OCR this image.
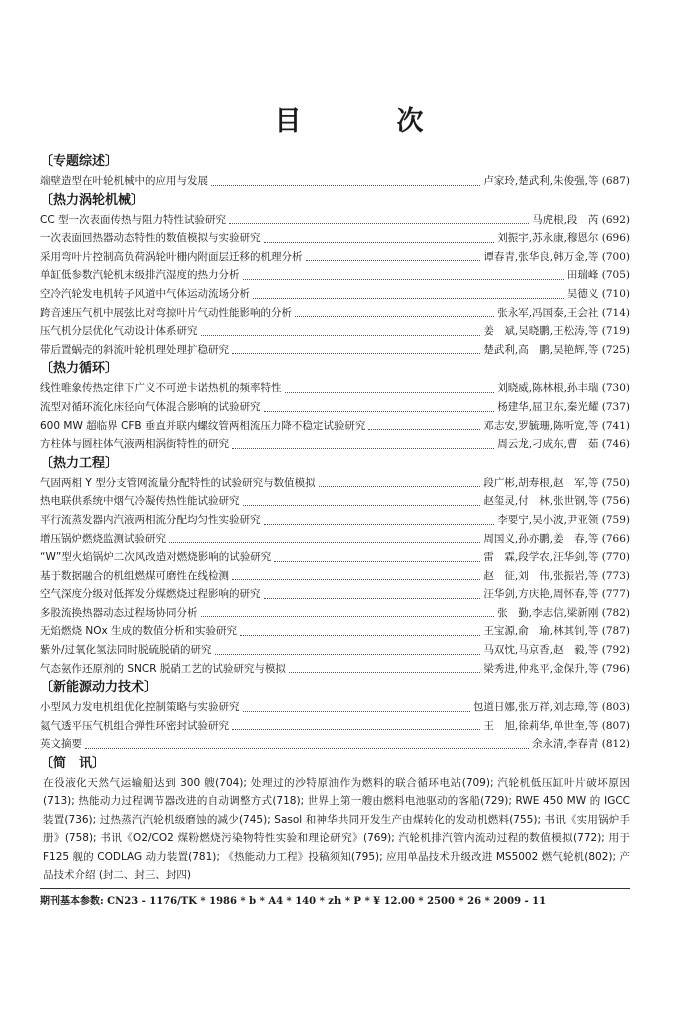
目　次
〔专题综述〕
端壁造型在叶轮机械中的应用与发展	卢家玲,楚武利,朱俊强,等 (687)
〔热力涡轮机械〕
CC 型一次表面传热与阻力特性试验研究	马虎根,段　芮 (692)
一次表面回热器动态特性的数值模拟与实验研究	刘振宇,苏永康,穆恩尔 (696)
采用弯叶片控制高负荷涡轮叶栅内附面层迁移的机理分析	谭春青,张华良,韩万金,等 (700)
单缸低参数汽轮机末级排汽湿度的热力分析	田瑞峰 (705)
空冷汽轮发电机转子风道中气体运动流场分析	吴德义 (710)
跨音速压气机中展弦比对弯掠叶片气动性能影响的分析	张永军,冯国泰,王会社 (714)
压气机分层优化气动设计体系研究	姜　斌,吴晓鹏,王松涛,等 (719)
带后置蜗壳的斜流叶轮机理处理扩稳研究	楚武利,高　鹏,吴艳辉,等 (725)
〔热力循环〕
线性唯象传热定律下广义不可逆卡诺热机的频率特性	刘晓威,陈林根,孙丰瑞 (730)
流型对循环流化床径向气体混合影响的试验研究	杨建华,屈卫东,秦光耀 (737)
600 MW 超临界 CFB 垂直并联内螺纹管两相流压力降不稳定试验研究	邓志安,罗毓珊,陈听宽,等 (741)
方柱体与圆柱体气液两相涡街特性的研究	周云龙,刁成东,曹　茹 (746)
〔热力工程〕
气固两相 Y 型分支管网流量分配特性的试验研究与数值模拟	段广彬,胡寿根,赵　军,等 (750)
热电联供系统中烟气冷凝传热性能试验研究	赵玺灵,付　林,张世钢,等 (756)
平行流蒸发器内汽液两相流分配均匀性实验研究	李要宁,吴小波,尹亚领 (759)
增压锅炉燃烧监测试验研究	周国义,孙亦鹏,姜　春,等 (766)
“W”型火焰锅炉二次风改造对燃烧影响的试验研究	雷　霖,段学农,汪华剑,等 (770)
基于数据融合的机组燃煤可磨性在线检测	赵　征,刘　伟,张振岩,等 (773)
空气深度分级对低挥发分煤燃烧过程影响的研究	汪华剑,方庆艳,周怀春,等 (777)
多股流换热器动态过程场协同分析	张　勤,李志信,梁新刚 (782)
无焰燃烧 NOx 生成的数值分析和实验研究	王宝源,俞　瑜,林其钊,等 (787)
紫外/过氧化氢法同时脱硫脱硝的研究	马双忱,马京香,赵　毅,等 (792)
气态氨作还原剂的 SNCR 脱硝工艺的试验研究与模拟	梁秀进,仲兆平,金保升,等 (796)
〔新能源动力技术〕
小型风力发电机组优化控制策略与实验研究	包道日娜,张万祥,刘志璋,等 (803)
氦气透平压气机组合弹性环密封试验研究	王　旭,徐莉华,单世奎,等 (807)
英文摘要	余永清,李春青 (812)
〔简　讯〕
在役液化天然气运输船达到 300 艘(704); 处理过的沙特原油作为燃料的联合循环电站(709); 汽轮机低压缸叶片破坏原因(713); 热能动力过程调节器改进的自动调整方式(718); 世界上第一艘由燃料电池驱动的客船(729); RWE 450 MW 的 IGCC 装置(736); 过热蒸汽汽轮机级磨蚀的减少(745); Sasol 和神华共同开发生产由煤转化的发动机燃料(755); 书讯《实用锅炉手册》(758); 书讯《O2/CO2 煤粉燃烧污染物特性实验和理论研究》(769); 汽轮机排汽管内流动过程的数值模拟(772); 用于 F125 舰的 CODLAG 动力装置(781); 《热能动力工程》投稿须知(795); 应用单晶技术升级改进 MS5002 燃气轮机(802); 产品技术介绍 (封二、封三、封四)
期刊基本参数: CN23 - 1176/TK * 1986 * b * A4 * 140 * zh * P * ¥ 12.00 * 2500 * 26 * 2009 - 11
